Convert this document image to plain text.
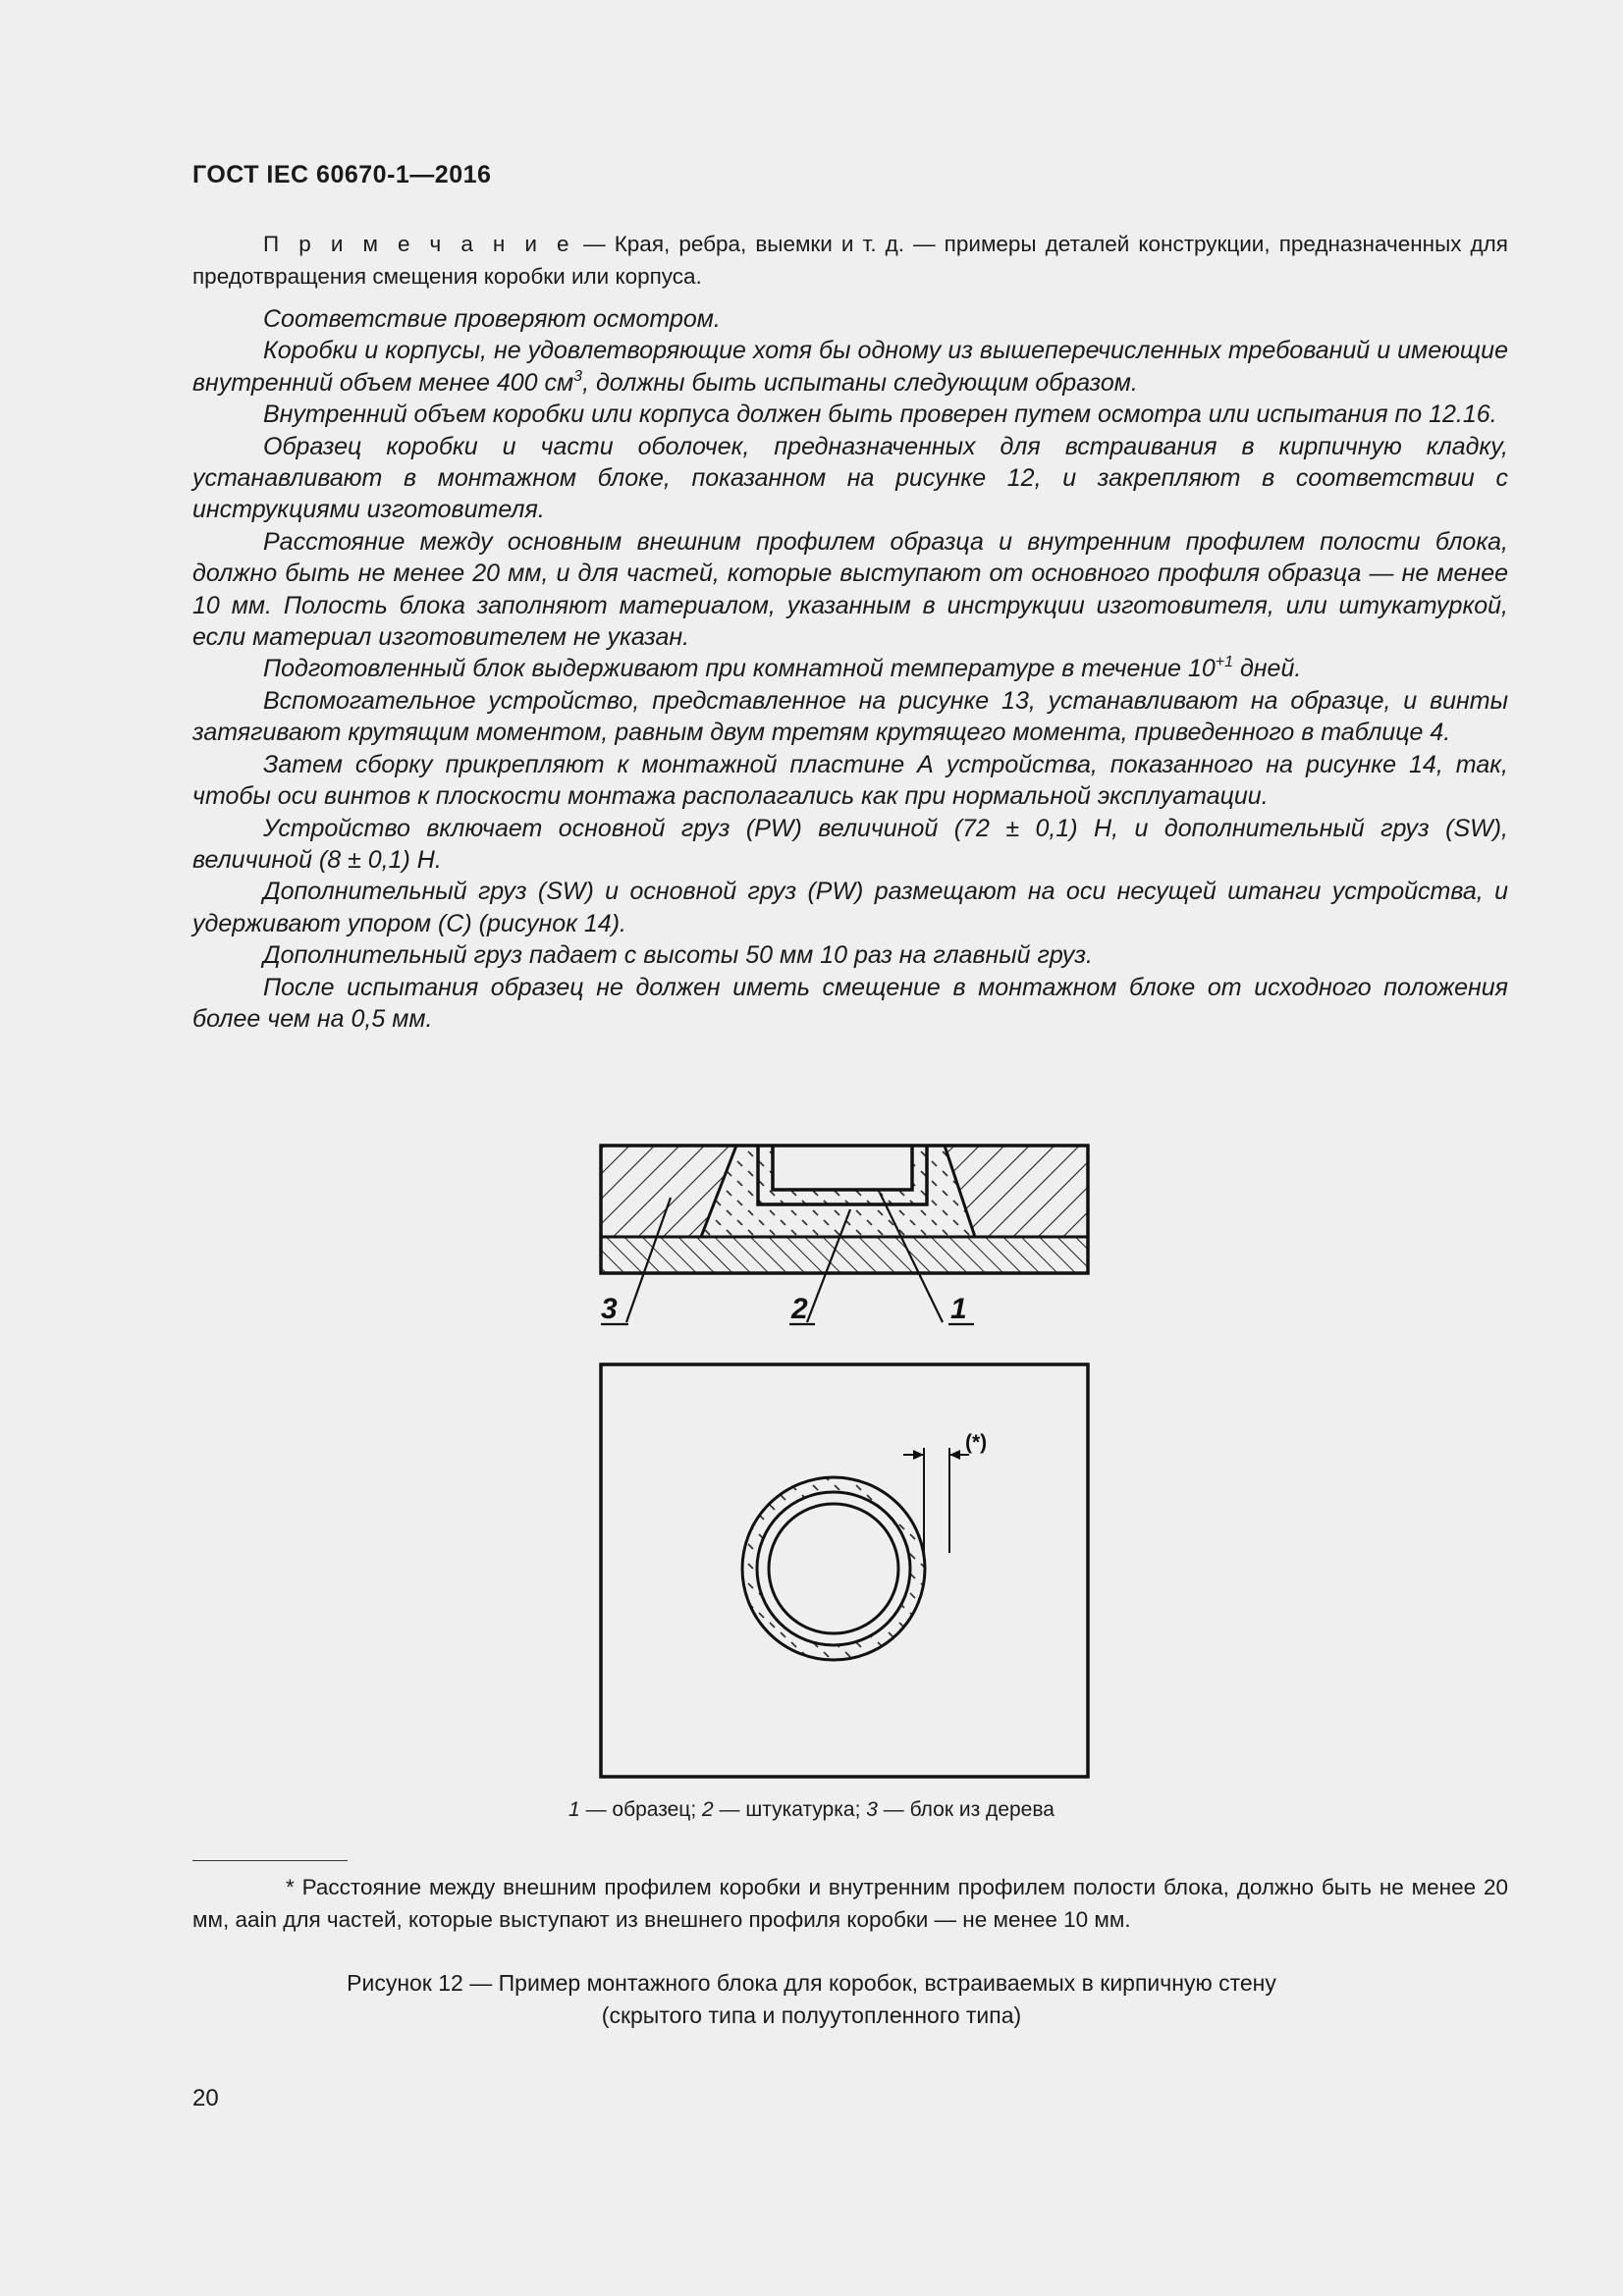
ГОСТ IEC 60670-1—2016

П р и м е ч а н и е — Края, ребра, выемки и т. д. — примеры деталей конструкции, предназначенных для предотвращения смещения коробки или корпуса.

Соответствие проверяют осмотром.

Коробки и корпусы, не удовлетворяющие хотя бы одному из вышеперечисленных требований и имеющие внутренний объем менее 400 $см^3$, должны быть испытаны следующим образом.

Внутренний объем коробки или корпуса должен быть проверен путем осмотра или испытания по 12.16.

Образец коробки и части оболочек, предназначенных для встраивания в кирпичную кладку, устанавливают в монтажном блоке, показанном на рисунке 12, и закрепляют в соответствии с инструкциями изготовителя.

Расстояние между основным внешним профилем образца и внутренним профилем полости блока, должно быть не менее 20 мм, и для частей, которые выступают от основного профиля образца — не менее 10 мм. Полость блока заполняют материалом, указанным в инструкции изготовителя, или штукатуркой, если материал изготовителем не указан.

Подготовленный блок выдерживают при комнатной температуре в течение $10^{+1}$ дней.

Вспомогательное устройство, представленное на рисунке 13, устанавливают на образце, и винты затягивают крутящим моментом, равным двум третям крутящего момента, приведенного в таблице 4.

Затем сборку прикрепляют к монтажной пластине А устройства, показанного на рисунке 14, так, чтобы оси винтов к плоскости монтажа располагались как при нормальной эксплуатации.

Устройство включает основной груз (PW) величиной (72 ± 0,1) Н, и дополнительный груз (SW), величиной (8 ± 0,1) Н.

Дополнительный груз (SW) и основной груз (PW) размещают на оси несущей штанги устройства, и удерживают упором (С) (рисунок 14).

Дополнительный груз падает с высоты 50 мм 10 раз на главный груз.

После испытания образец не должен иметь смещение в монтажном блоке от исходного положения более чем на 0,5 мм.

3	2	1
(*)
1 — образец; 2 — штукатурка; 3 — блок из дерева

* Расстояние между внешним профилем коробки и внутренним профилем полости блока, должно быть не менее 20 мм, aain для частей, которые выступают из внешнего профиля коробки — не менее 10 мм.

Рисунок 12 — Пример монтажного блока для коробок, встраиваемых в кирпичную стену
(скрытого типа и полуутопленного типа)
20
